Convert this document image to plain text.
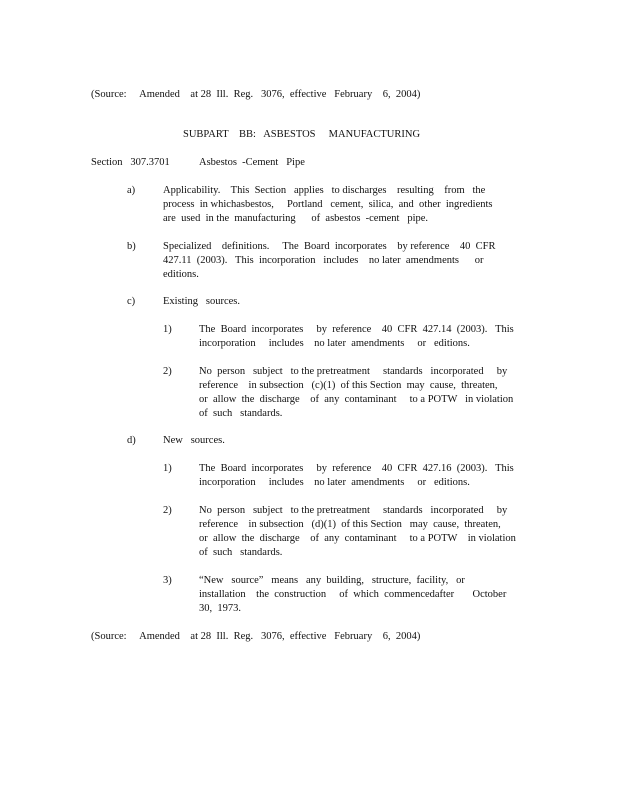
(Source:     Amended    at 28  Ill.  Reg.   3076,  effective   February    6,  2004)
SUBPART    BB:   ASBESTOS     MANUFACTURING
Section   307.3701	Asbestos  -Cement   Pipe
a)	Applicability.    This  Section   applies   to discharges    resulting    from   the
process  in whichasbestos,     Portland   cement,  silica,  and  other  ingredients
are  used  in the  manufacturing      of  asbestos  -cement   pipe.
b)	Specialized    definitions.     The  Board  incorporates    by reference    40  CFR
427.11  (2003).   This  incorporation   includes    no later  amendments      or
editions.
c)	Existing   sources.
1)	The  Board  incorporates     by  reference    40  CFR  427.14  (2003).   This
incorporation     includes    no later  amendments     or   editions.
2)	No  person   subject   to the pretreatment     standards   incorporated     by
reference    in subsection   (c)(1)  of this Section  may  cause,  threaten,
or  allow  the  discharge    of  any  contaminant     to a POTW   in violation
of  such   standards.
d)	New   sources.
1)	The  Board  incorporates     by  reference    40  CFR  427.16  (2003).   This
incorporation     includes    no later  amendments     or   editions.
2)	No  person   subject   to the pretreatment     standards   incorporated     by
reference    in subsection   (d)(1)  of this Section   may  cause,  threaten,
or  allow  the  discharge    of  any  contaminant     to a POTW    in violation
of  such   standards.
3)	“New   source”   means   any  building,   structure,  facility,   or
installation    the  construction     of  which  commencedafter       October
30,  1973.
(Source:     Amended    at 28  Ill.  Reg.   3076,  effective   February    6,  2004)
